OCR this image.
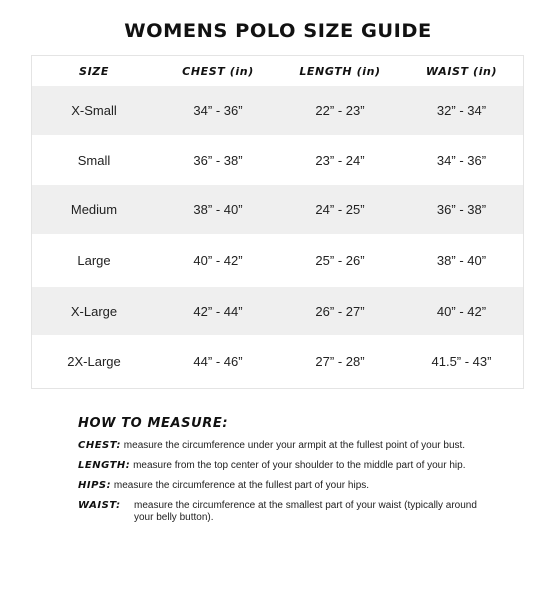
WOMENS POLO SIZE GUIDE
SIZE	CHEST (in)	LENGTH (in)	WAIST (in)
X-Small	34” - 36”	22” - 23”	32” - 34”
Small	36” - 38”	23” - 24”	34” - 36”
Medium	38” - 40”	24” - 25”	36” - 38”
Large	40” - 42”	25” - 26”	38” - 40”
X-Large	42” - 44”	26” - 27”	40” - 42”
2X-Large	44” - 46”	27” - 28”	41.5” - 43”
HOW TO MEASURE:
CHEST: measure the circumference under your armpit at the fullest point of your bust.
LENGTH: measure from the top center of your shoulder to the middle part of your hip.
HIPS: measure the circumference at the fullest part of your hips.
WAIST: measure the circumference at the smallest part of your waist (typically around your belly button).
